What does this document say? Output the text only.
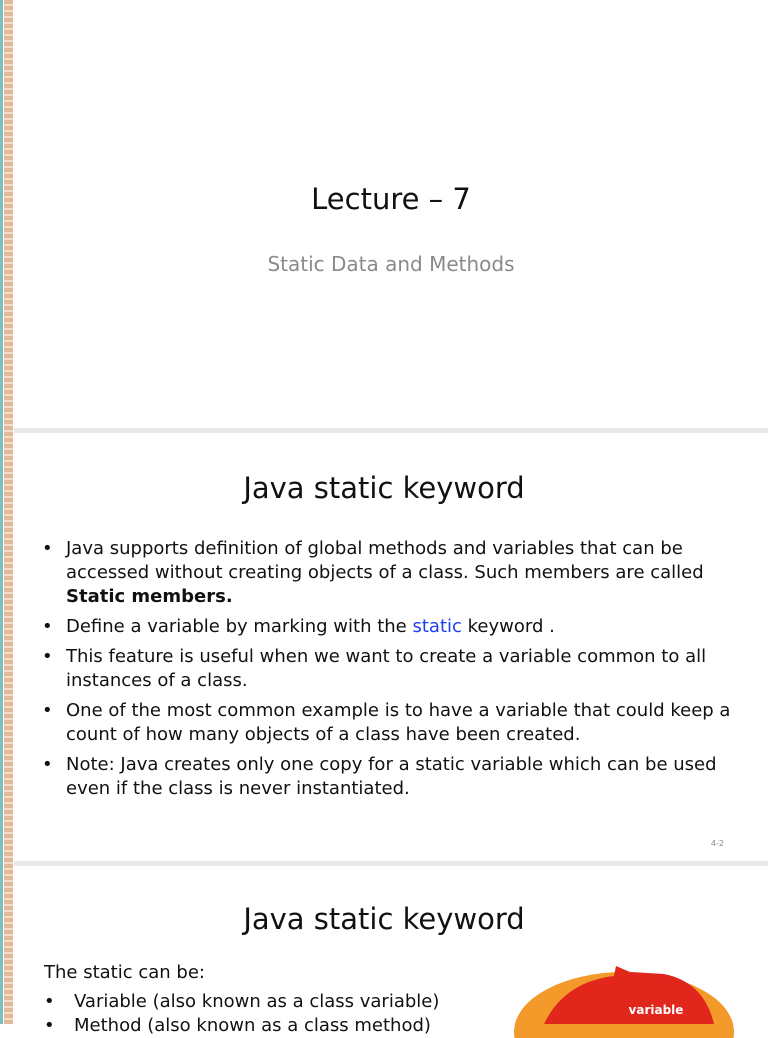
Lecture – 7
Static Data and Methods
Java static keyword
• Java supports definition of global methods and variables that can be accessed without creating objects of a class. Such members are called Static members.
• Define a variable by marking with the static keyword .
• This feature is useful when we want to create a variable common to all instances of a class.
• One of the most common example is to have a variable that could keep a count of how many objects of a class have been created.
• Note: Java creates only one copy for a static variable which can be used even if the class is never instantiated.
4-2
Java static keyword
The static can be:
• Variable (also known as a class variable)
• Method (also known as a class method)
variable
